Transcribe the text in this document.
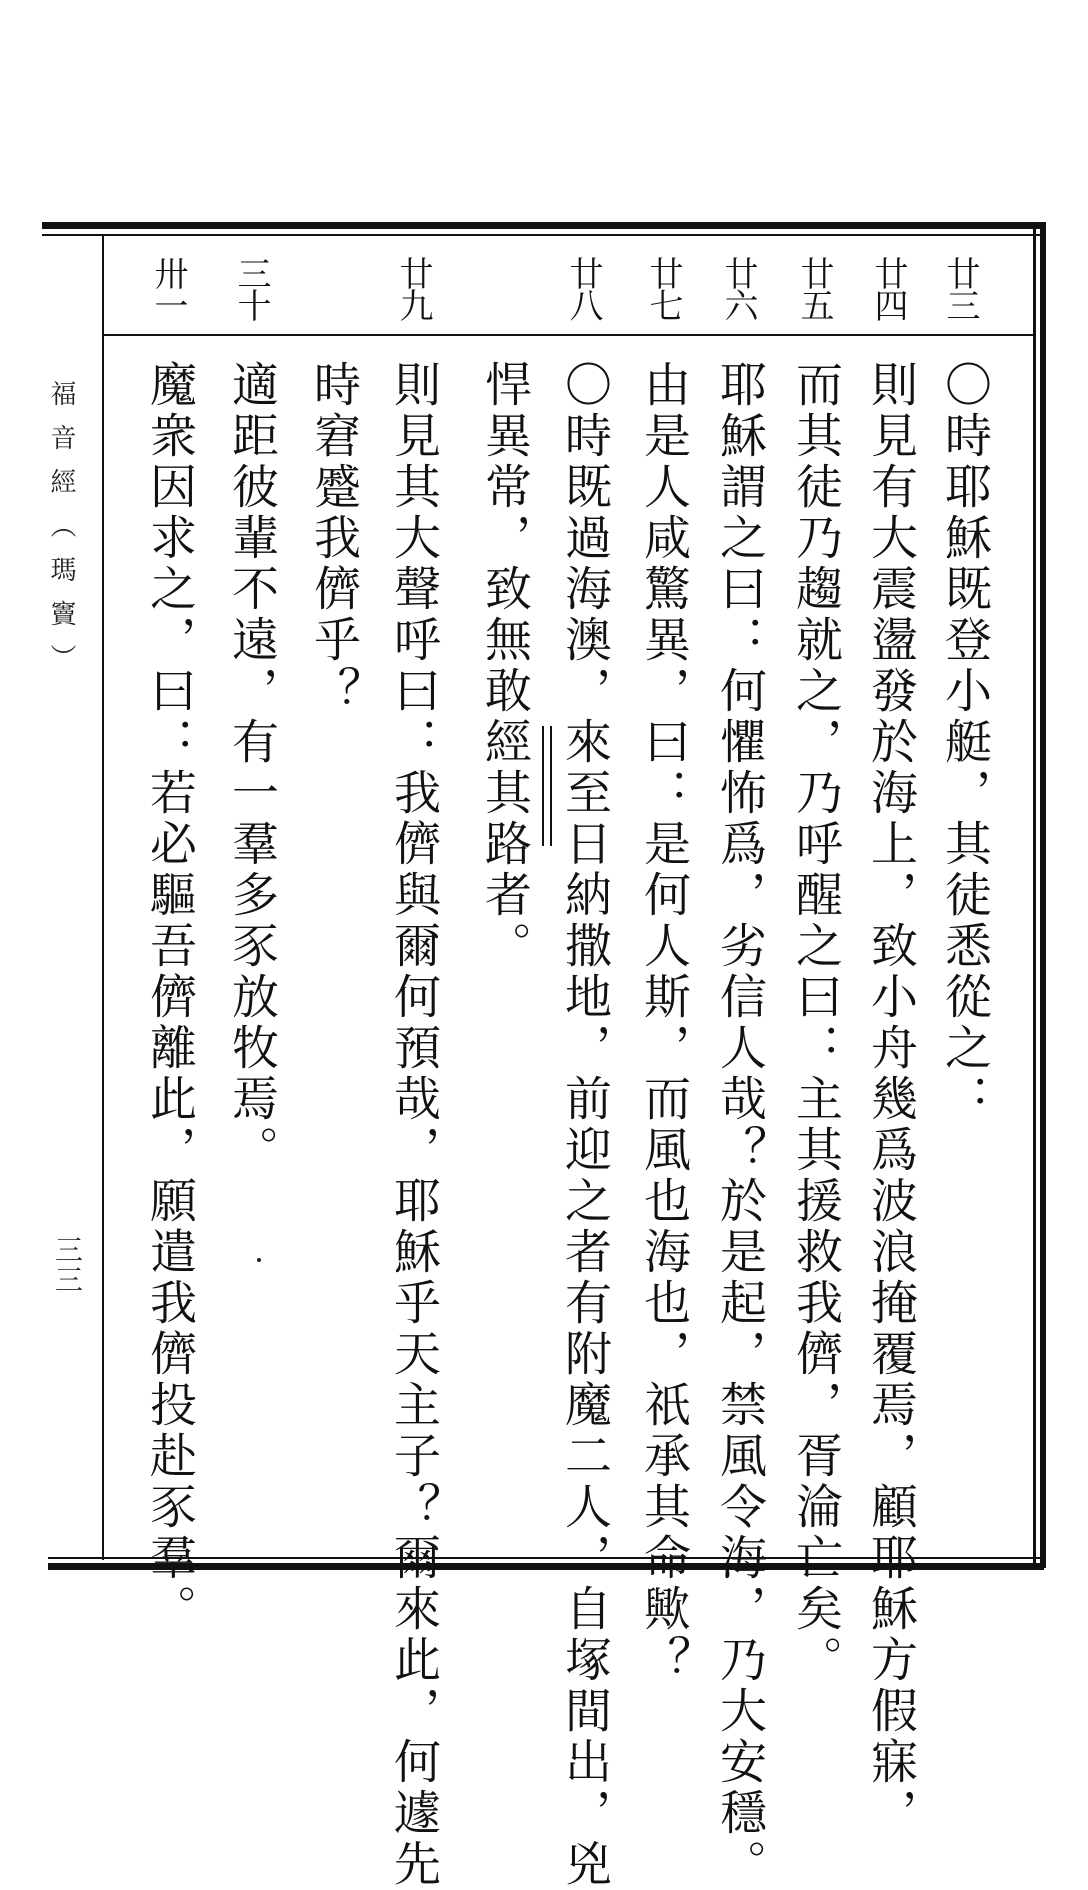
福音經（瑪竇）
三三
廿三
廿四
廿五
廿六
廿七
廿八
廿九
三十
卅一
〇時耶穌既登小艇，其徒悉從之：
則見有大震盪發於海上，致小舟幾爲波浪掩覆焉，顧耶穌方假寐，
而其徒乃趨就之，乃呼醒之曰：主其援救我儕，胥淪亡矣。
耶穌謂之曰：何懼怖爲，劣信人哉？於是起，禁風令海，乃大安穩。
由是人咸驚異，曰：是何人斯，而風也海也，祇承其命歟？
〇時既過海澳，來至日納撒地，前迎之者有附魔二人，自塚間出，兇
悍異常，致無敢經其路者。
則見其大聲呼曰：我儕與爾何預哉，耶穌乎天主子？爾來此，何遽先
時窘蹙我儕乎？
適距彼輩不遠，有一羣多豕放牧焉。
魔衆因求之，曰：若必驅吾儕離此，願遣我儕投赴豕羣。
